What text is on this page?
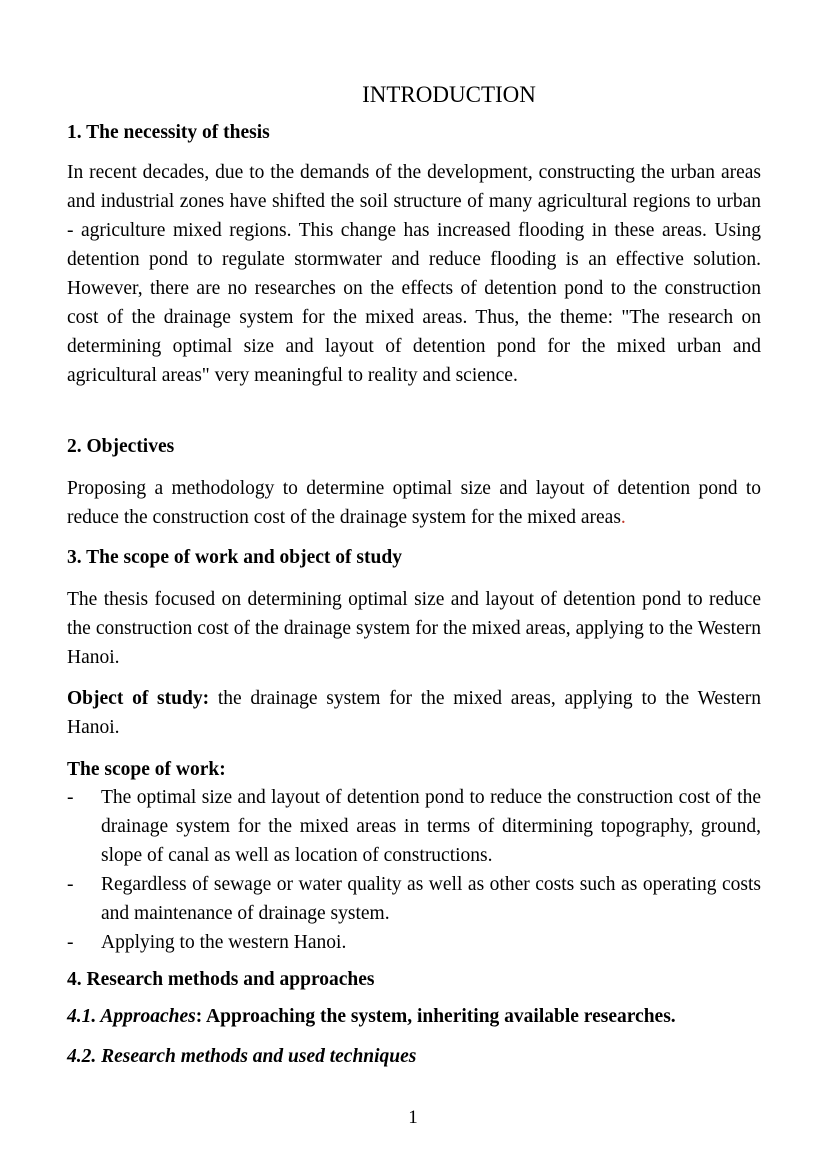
INTRODUCTION
1. The necessity of thesis

In recent decades, due to the demands of the development, constructing the urban areas and industrial zones have shifted the soil structure of many agricultural regions to urban - agriculture mixed regions. This change has increased flooding in these areas. Using detention pond to regulate stormwater and reduce flooding is an effective solution. However, there are no researches on the effects of detention pond to the construction cost of the drainage system for the mixed areas. Thus, the theme: "The research on determining optimal size and layout of detention pond for the mixed urban and agricultural areas" very meaningful to reality and science.

2. Objectives

Proposing a methodology to determine optimal size and layout of detention pond to reduce the construction cost of the drainage system for the mixed areas.

3. The scope of work and object of study

The thesis focused on determining optimal size and layout of detention pond to reduce the construction cost of the drainage system for the mixed areas, applying to the Western Hanoi.

Object of study: the drainage system for the mixed areas, applying to the Western Hanoi.

The scope of work:
- The optimal size and layout of detention pond to reduce the construction cost of the drainage system for the mixed areas in terms of ditermining topography, ground, slope of canal as well as location of constructions.
- Regardless of sewage or water quality as well as other costs such as operating costs and maintenance of drainage system.
- Applying to the western Hanoi.
4. Research methods and approaches
4.1. Approaches: Approaching the system, inheriting available researches.
4.2. Research methods and used techniques
1
